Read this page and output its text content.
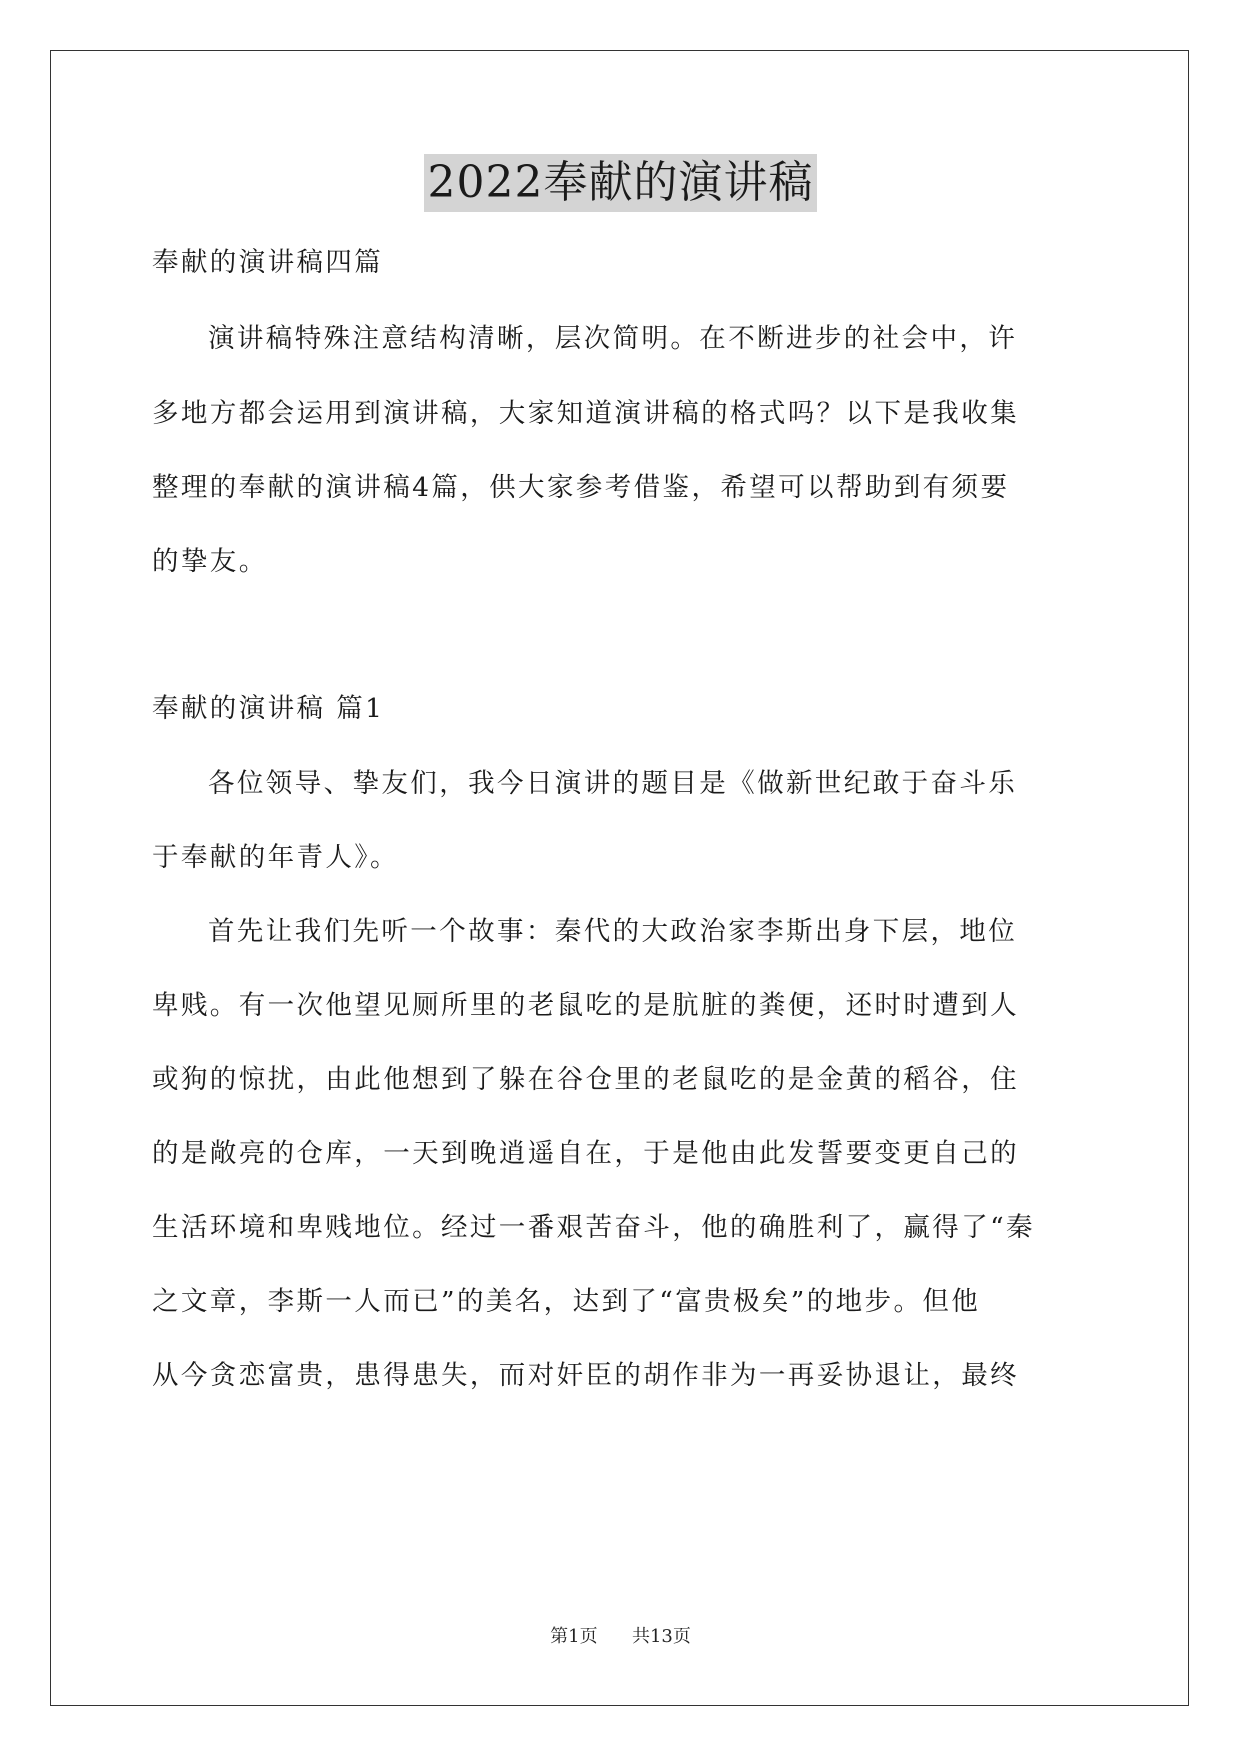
2022奉献的演讲稿
奉献的演讲稿四篇
演讲稿特殊注意结构清晰，层次简明。在不断进步的社会中，许
多地方都会运用到演讲稿，大家知道演讲稿的格式吗？以下是我收集
整理的奉献的演讲稿4篇，供大家参考借鉴，希望可以帮助到有须要
的挚友。
奉献的演讲稿 篇1
各位领导、挚友们，我今日演讲的题目是《做新世纪敢于奋斗乐
于奉献的年青人》。
首先让我们先听一个故事：秦代的大政治家李斯出身下层，地位
卑贱。有一次他望见厕所里的老鼠吃的是肮脏的粪便，还时时遭到人
或狗的惊扰，由此他想到了躲在谷仓里的老鼠吃的是金黄的稻谷，住
的是敞亮的仓库，一天到晚逍遥自在，于是他由此发誓要变更自己的
生活环境和卑贱地位。经过一番艰苦奋斗，他的确胜利了，赢得了“秦
之文章，李斯一人而已”的美名，达到了“富贵极矣”的地步。但他
从今贪恋富贵，患得患失，而对奸臣的胡作非为一再妥协退让，最终
第1页 共13页
